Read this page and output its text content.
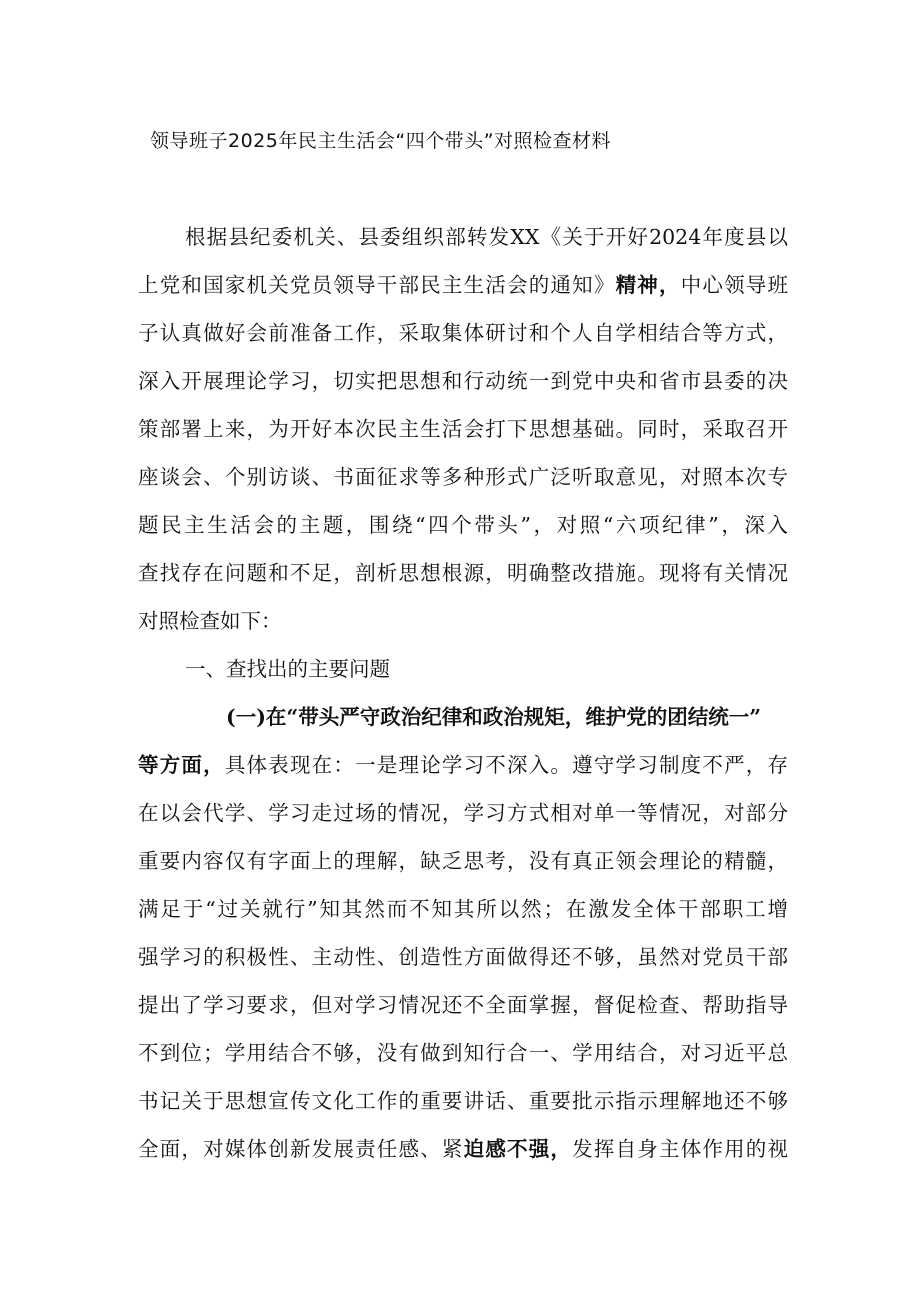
领导班子2025年民主生活会“四个带头”对照检查材料
根据县纪委机关、县委组织部转发XX《关于开好2024年度县以
上党和国家机关党员领导干部民主生活会的通知》精神，中心领导班
子认真做好会前准备工作，采取集体研讨和个人自学相结合等方式，
深入开展理论学习，切实把思想和行动统一到党中央和省市县委的决
策部署上来，为开好本次民主生活会打下思想基础。同时，采取召开
座谈会、个别访谈、书面征求等多种形式广泛听取意见，对照本次专
题民主生活会的主题，围绕“四个带头”，对照“六项纪律”，深入
查找存在问题和不足，剖析思想根源，明确整改措施。现将有关情况
对照检查如下：
一、查找出的主要问题
(一)在“带头严守政治纪律和政治规矩，维护党的团结统一”
等方面，具体表现在：一是理论学习不深入。遵守学习制度不严，存
在以会代学、学习走过场的情况，学习方式相对单一等情况，对部分
重要内容仅有字面上的理解，缺乏思考，没有真正领会理论的精髓，
满足于“过关就行”知其然而不知其所以然；在激发全体干部职工增
强学习的积极性、主动性、创造性方面做得还不够，虽然对党员干部
提出了学习要求，但对学习情况还不全面掌握，督促检查、帮助指导
不到位；学用结合不够，没有做到知行合一、学用结合，对习近平总
书记关于思想宣传文化工作的重要讲话、重要批示指示理解地还不够
全面，对媒体创新发展责任感、紧迫感不强，发挥自身主体作用的视
